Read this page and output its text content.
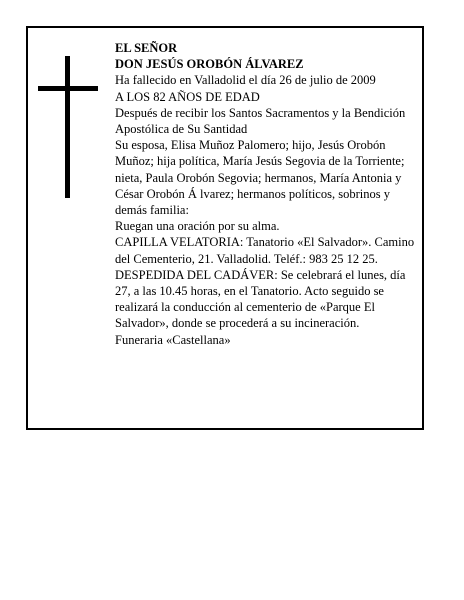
EL SEÑOR

DON JESÚS OROBÓN ÁLVAREZ

Ha fallecido en Valladolid el día 26 de julio de 2009

A LOS 82 AÑOS DE EDAD

Después de recibir los Santos Sacramentos y la Bendición Apostólica de Su Santidad

Su esposa, Elisa Muñoz Palomero; hijo, Jesús Orobón Muñoz; hija política, María Jesús Segovia de la Torriente; nieta, Paula Orobón Segovia; hermanos, María Antonia y César Orobón Á lvarez; hermanos políticos, sobrinos y demás familia:

Ruegan una oración por su alma.

CAPILLA VELATORIA: Tanatorio «El Salvador». Camino del Cementerio, 21. Valladolid. Teléf.: 983 25 12 25.

DESPEDIDA DEL CADÁVER: Se celebrará el lunes, día 27, a las 10.45 horas, en el Tanatorio. Acto seguido se realizará la conducción al cementerio de «Parque El Salvador», donde se procederá a su incineración.

Funeraria «Castellana»
